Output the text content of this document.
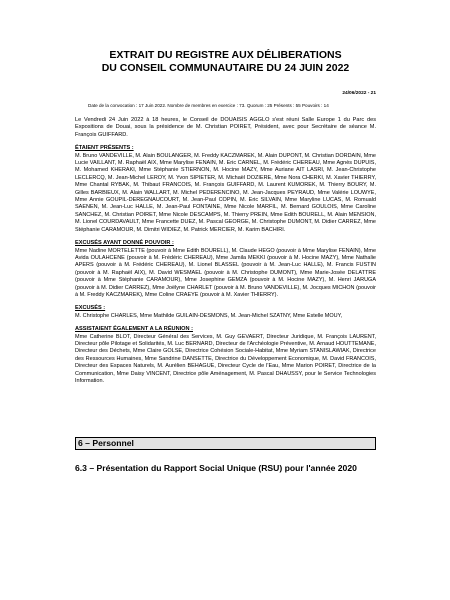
EXTRAIT DU REGISTRE AUX DÉLIBERATIONS
DU CONSEIL COMMUNAUTAIRE DU 24 JUIN 2022
24/06/2022 - 21
Date de la convocation : 17 Juin 2022. Nombre de membres en exercice : 73. Quorum : 25 Présents : 55 Pouvoirs : 14
Le Vendredi 24 Juin 2022 à 18 heures, le Conseil de DOUAISIS AGGLO s'est réuni Salle Europe 1 du Parc des Expositions de Douai, sous la présidence de M. Christian POIRET, Président, avec pour Secrétaire de séance M. François GUIFFARD.
ÉTAIENT PRÉSENTS :
M. Bruno VANDEVILLE, M. Alain BOULANGER, M. Freddy KACZMAREK, M. Alain DUPONT, M. Christian DORDAIN, Mme Lucie VAILLANT, M. Raphaël AIX, Mme Marylise FENAIN, M. Eric CARNEL, M. Frédéric CHEREAU, Mme Agnès DUPUIS, M. Mohamed KHERAKI, Mme Stéphanie STIERNON, M. Hocine MAZY, Mme Auriane AIT LASRI, M. Jean-Christophe LECLERCQ, M. Jean-Michel LEROY, M. Yvon SIPIETER, M. Michaël DOZIERE, Mme Nora CHERKI, M. Xavier THIERRY, Mme Chantal RYBAK, M. Thibaut FRANCOIS, M. François GUIFFARD, M. Laurent KUMOREK, M. Thierry BOURY, M. Gilles BARBIEUX, M. Alain WALLART, M. Michel PEDERENCINO, M. Jean-Jacques PEYRAUD, Mme Valérie LOUWYE, Mme Annie GOUPIL-DEREGNAUCOURT, M. Jean-Paul COPIN, M. Eric SILVAIN, Mme Maryline LUCAS, M. Romuald SAENEN, M. Jean-Luc HALLE, M. Jean-Paul FONTAINE, Mme Nicole MARFIL, M. Bernard GOULOIS, Mme Caroline SANCHEZ, M. Christian POIRET, Mme Nicole DESCAMPS, M. Thierry PREIN, Mme Edith BOURELL, M. Alain MENSION, M. Lionel COURDAVAULT, Mme Francette DUEZ, M. Pascal GEORGE, M. Christophe DUMONT, M. Didier CARREZ, Mme Stéphanie CARAMOUR, M. Dimitri WIDIEZ, M. Patrick MERCIER, M. Karim BACHIRI.
EXCUSÉS AYANT DONNÉ POUVOIR :
Mme Nadine MORTELETTE (pouvoir à Mme Edith BOURELL), M. Claude HEGO (pouvoir à Mme Marylise FENAIN), Mme Avida OULAHCENE (pouvoir à M. Frédéric CHEREAU), Mme Jamila MEKKI (pouvoir à M. Hocine MAZY), Mme Nathalie APERS (pouvoir à M. Frédéric CHEREAU), M. Lionel BLASSEL (pouvoir à M. Jean-Luc HALLE), M. Francis FUSTIN (pouvoir à M. Raphaël AIX), M. David WESMAEL (pouvoir à M. Christophe DUMONT), Mme Marie-Josée DELATTRE (pouvoir à Mme Stéphanie CARAMOUR), Mme Josephine GEMZA (pouvoir à M. Hocine MAZY), M. Henri JARUGA (pouvoir à M. Didier CARREZ), Mme Joëlyne CHARLET (pouvoir à M. Bruno VANDEVILLE), M. Jocques MICHON (pouvoir à M. Freddy KACZMAREK), Mme Coline CRAEYE (pouvoir à M. Xavier THIERRY).
EXCUSÉS :
M. Christophe CHARLES, Mme Mathilde GUILAIN-DESMONS, M. Jean-Michel SZATNY, Mme Estelle MOUY,
ASSISTAIENT ÉGALEMENT A LA RÉUNION :
Mme Catherine BLOT, Directeur Général des Services, M. Guy GEVAERT, Directeur Juridique, M. François LAURENT, Directeur pôle Pilotage et Solidarités, M. Luc BERNARD, Directeur de l'Archéologie Préventive, M. Arnaud HOUTTEMANE, Directeur des Déchets, Mme Claire GOLSE, Directrice Cohésion Sociale-Habitat, Mme Myriam STANISLAWIAK, Directrice des Ressources Humaines, Mme Sandrine DANSETTE, Directrice du Développement Economique, M. David FRANCOIS, Directeur des Espaces Naturels, M. Aurélien BEHAGUE, Directeur Cycle de l'Eau, Mme Marion POIRET, Directrice de la Communication, Mme Daisy VINCENT, Directrice pôle Aménagement, M. Pascal DHAUSSY, pour le Service Technologies Information.
6 – Personnel
6.3 – Présentation du Rapport Social Unique (RSU) pour l'année 2020
